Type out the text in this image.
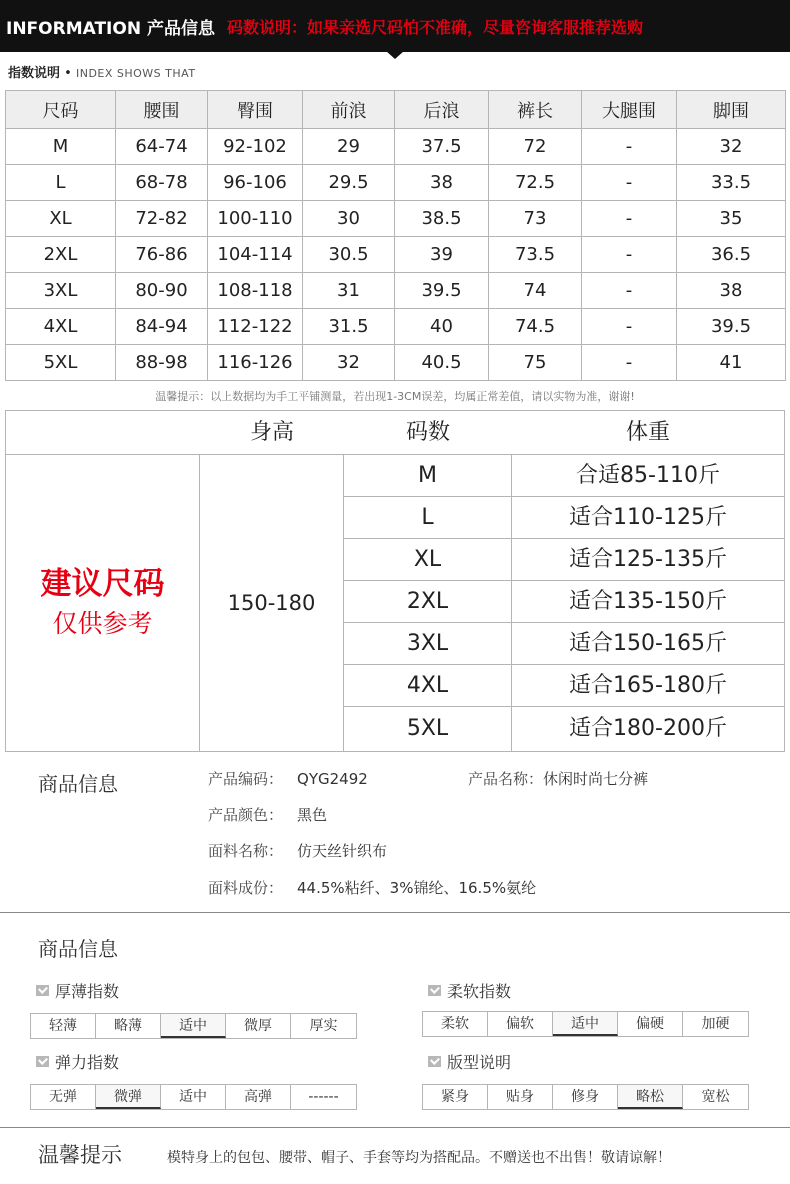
INFORMATION 产品信息 码数说明：如果亲选尺码怕不准确，尽量咨询客服推荐选购
指数说明 • INDEX SHOWS THAT
尺码	腰围	臀围	前浪	后浪	裤长	大腿围	脚围
M	64-74	92-102	29	37.5	72	-	32
L	68-78	96-106	29.5	38	72.5	-	33.5
XL	72-82	100-110	30	38.5	73	-	35
2XL	76-86	104-114	30.5	39	73.5	-	36.5
3XL	80-90	108-118	31	39.5	74	-	38
4XL	84-94	112-122	31.5	40	74.5	-	39.5
5XL	88-98	116-126	32	40.5	75	-	41
温馨提示：以上数据均为手工平铺测量，若出现1-3CM误差，均属正常差值，请以实物为准，谢谢!
身高	码数	体重
建议尺码
仅供参考
150-180
M	合适85-110斤
L	适合110-125斤
XL	适合125-135斤
2XL	适合135-150斤
3XL	适合150-165斤
4XL	适合165-180斤
5XL	适合180-200斤
商品信息	产品编码： QYG2492	产品名称：休闲时尚七分裤
产品颜色： 黑色
面料名称： 仿天丝针织布
面料成份： 44.5%粘纤、3%锦纶、16.5%氨纶
商品信息
厚薄指数
轻薄	略薄	适中	微厚	厚实
柔软指数
柔软	偏软	适中	偏硬	加硬
弹力指数
无弹	微弹	适中	高弹	------
版型说明
紧身	贴身	修身	略松	宽松
温馨提示	模特身上的包包、腰带、帽子、手套等均为搭配品。不赠送也不出售！敬请谅解！
